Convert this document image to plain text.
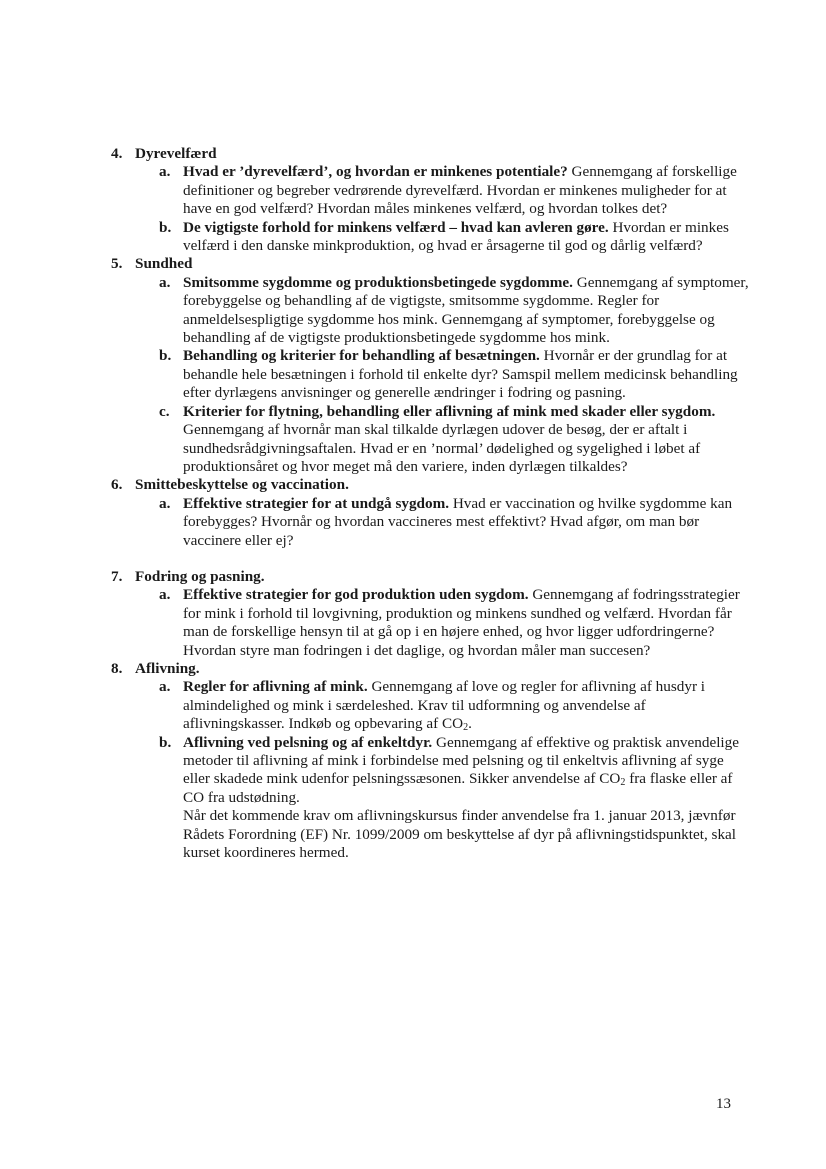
4. Dyrevelfærd
a. Hvad er ’dyrevelfærd’, og hvordan er minkenes potentiale? Gennemgang af forskellige definitioner og begreber vedrørende dyrevelfærd. Hvordan er minkenes muligheder for at have en god velfærd? Hvordan måles minkenes velfærd, og hvordan tolkes det?
b. De vigtigste forhold for minkens velfærd – hvad kan avleren gøre. Hvordan er minkes velfærd i den danske minkproduktion, og hvad er årsagerne til god og dårlig velfærd?
5. Sundhed
a. Smitsomme sygdomme og produktionsbetingede sygdomme. Gennemgang af symptomer, forebyggelse og behandling af de vigtigste, smitsomme sygdomme. Regler for anmeldelsespligtige sygdomme hos mink. Gennemgang af symptomer, forebyggelse og behandling af de vigtigste produktionsbetingede sygdomme hos mink.
b. Behandling og kriterier for behandling af besætningen. Hvornår er der grundlag for at behandle hele besætningen i forhold til enkelte dyr? Samspil mellem medicinsk behandling efter dyrlægens anvisninger og generelle ændringer i fodring og pasning.
c. Kriterier for flytning, behandling eller aflivning af mink med skader eller sygdom. Gennemgang af hvornår man skal tilkalde dyrlægen udover de besøg, der er aftalt i sundhedsrådgivningsaftalen. Hvad er en ’normal’ dødelighed og sygelighed i løbet af produktionsåret og hvor meget må den variere, inden dyrlægen tilkaldes?
6. Smittebeskyttelse og vaccination.
a. Effektive strategier for at undgå sygdom. Hvad er vaccination og hvilke sygdomme kan forebygges? Hvornår og hvordan vaccineres mest effektivt? Hvad afgør, om man bør vaccinere eller ej?
7. Fodring og pasning.
a. Effektive strategier for god produktion uden sygdom. Gennemgang af fodringsstrategier for mink i forhold til lovgivning, produktion og minkens sundhed og velfærd. Hvordan får man de forskellige hensyn til at gå op i en højere enhed, og hvor ligger udfordringerne? Hvordan styre man fodringen i det daglige, og hvordan måler man succesen?
8. Aflivning.
a. Regler for aflivning af mink. Gennemgang af love og regler for aflivning af husdyr i almindelighed og mink i særdeleshed. Krav til udformning og anvendelse af aflivningskasser. Indkøb og opbevaring af $CO_2$.
b. Aflivning ved pelsning og af enkeltdyr. Gennemgang af effektive og praktisk anvendelige metoder til aflivning af mink i forbindelse med pelsning og til enkeltvis aflivning af syge eller skadede mink udenfor pelsningssæsonen. Sikker anvendelse af $CO_2$ fra flaske eller af CO fra udstødning.
Når det kommende krav om aflivningskursus finder anvendelse fra 1. januar 2013, jævnfør Rådets Forordning (EF) Nr. 1099/2009 om beskyttelse af dyr på aflivningstidspunktet, skal kurset koordineres hermed.
13
